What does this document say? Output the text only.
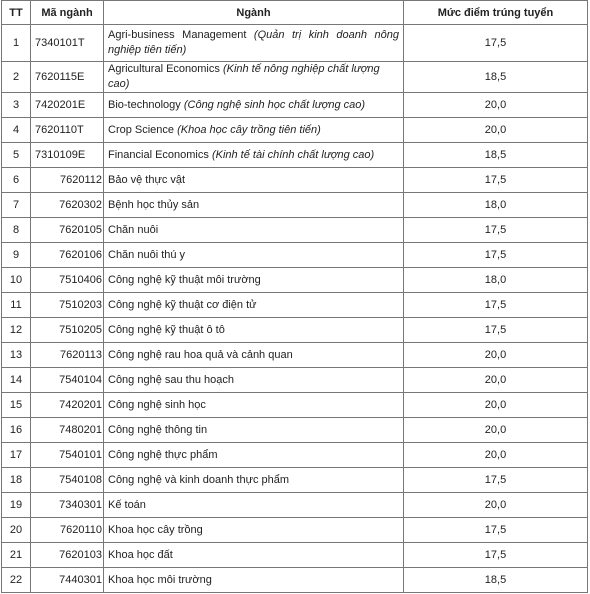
TT	Mã ngành	Ngành	Mức điểm trúng tuyển
1	7340101T	Agri-business Management (Quản trị kinh doanh nông nghiệp tiên tiến)	17,5
2	7620115E	Agricultural Economics (Kinh tế nông nghiệp chất lượng cao)	18,5
3	7420201E	Bio-technology (Công nghệ sinh học chất lượng cao)	20,0
4	7620110T	Crop Science (Khoa học cây trồng tiên tiến)	20,0
5	7310109E	Financial Economics (Kinh tế tài chính chất lượng cao)	18,5
6	7620112	Bảo vệ thực vật	17,5
7	7620302	Bệnh học thủy sản	18,0
8	7620105	Chăn nuôi	17,5
9	7620106	Chăn nuôi thú y	17,5
10	7510406	Công nghệ kỹ thuật môi trường	18,0
11	7510203	Công nghệ kỹ thuật cơ điện tử	17,5
12	7510205	Công nghệ kỹ thuật ô tô	17,5
13	7620113	Công nghệ rau hoa quả và cảnh quan	20,0
14	7540104	Công nghệ sau thu hoạch	20,0
15	7420201	Công nghệ sinh học	20,0
16	7480201	Công nghệ thông tin	20,0
17	7540101	Công nghệ thực phẩm	20,0
18	7540108	Công nghệ và kinh doanh thực phẩm	17,5
19	7340301	Kế toán	20,0
20	7620110	Khoa học cây trồng	17,5
21	7620103	Khoa học đất	17,5
22	7440301	Khoa học môi trường	18,5
